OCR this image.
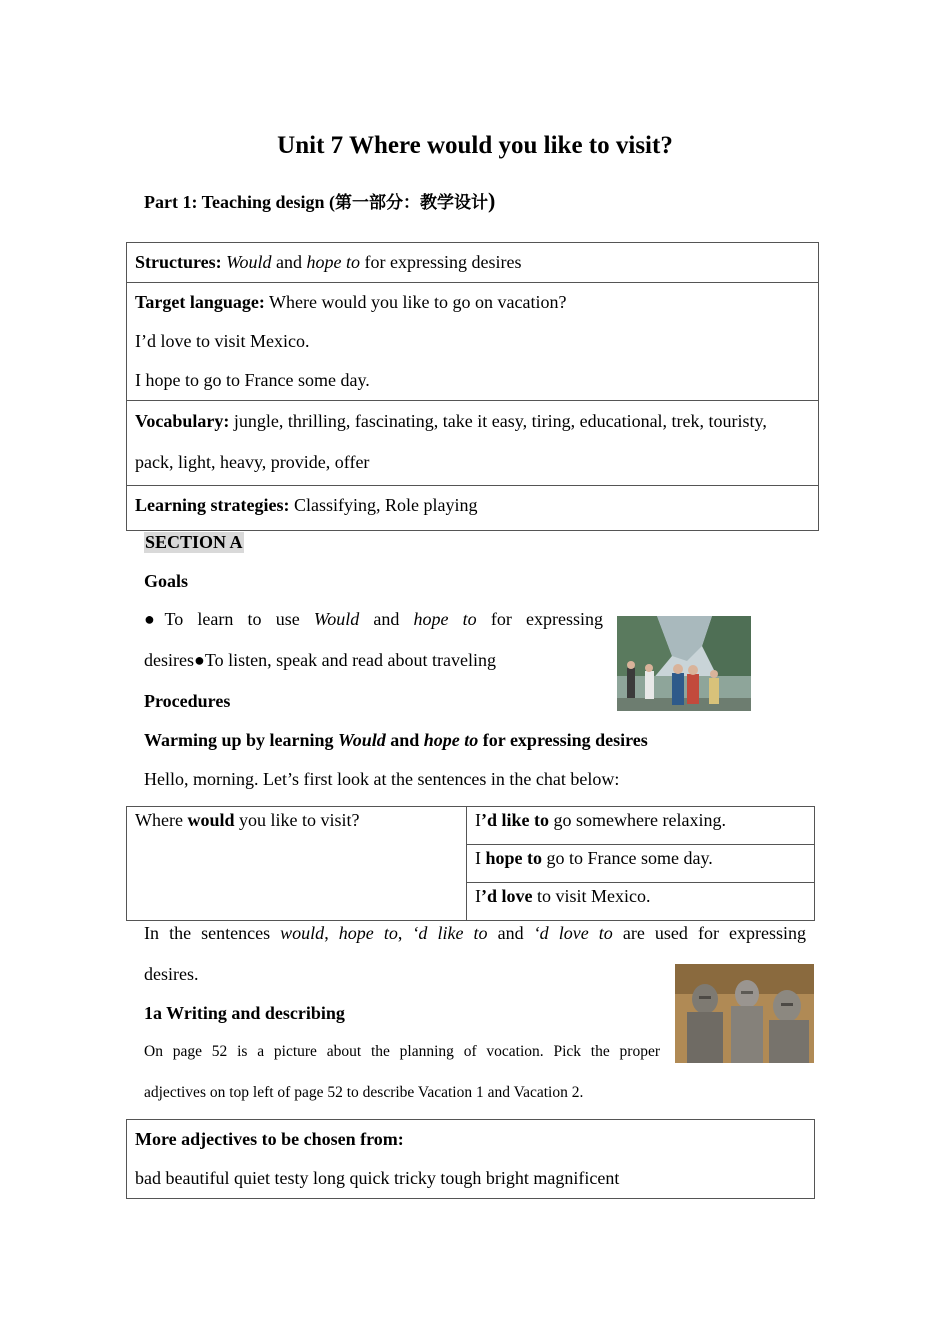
Unit 7 Where would you like to visit?
Part 1: Teaching design (第一部分：教学设计)
Structures: Would and hope to for expressing desires

Target language: Where would you like to go on vacation?
I’d love to visit Mexico.
I hope to go to France some day.

Vocabulary: jungle, thrilling, fascinating, take it easy, tiring, educational, trek, touristy,
pack, light, heavy, provide, offer

Learning strategies: Classifying, Role playing
SECTION A
Goals
●To learn to use Would and hope to for expressing
desires●To listen, speak and read about traveling
Procedures
Warming up by learning Would and hope to for expressing desires
Hello, morning. Let’s first look at the sentences in the chat below:
Where would you like to visit?	I’d like to go somewhere relaxing.
I hope to go to France some day.
I’d love to visit Mexico.
In the sentences would, hope to, ‘d like to and ‘d love to are used for expressing
desires.
1a Writing and describing
On page 52 is a picture about the planning of vocation. Pick the proper
adjectives on top left of page 52 to describe Vacation 1 and Vacation 2.
More adjectives to be chosen from:
bad beautiful quiet testy long quick tricky tough bright magnificent
